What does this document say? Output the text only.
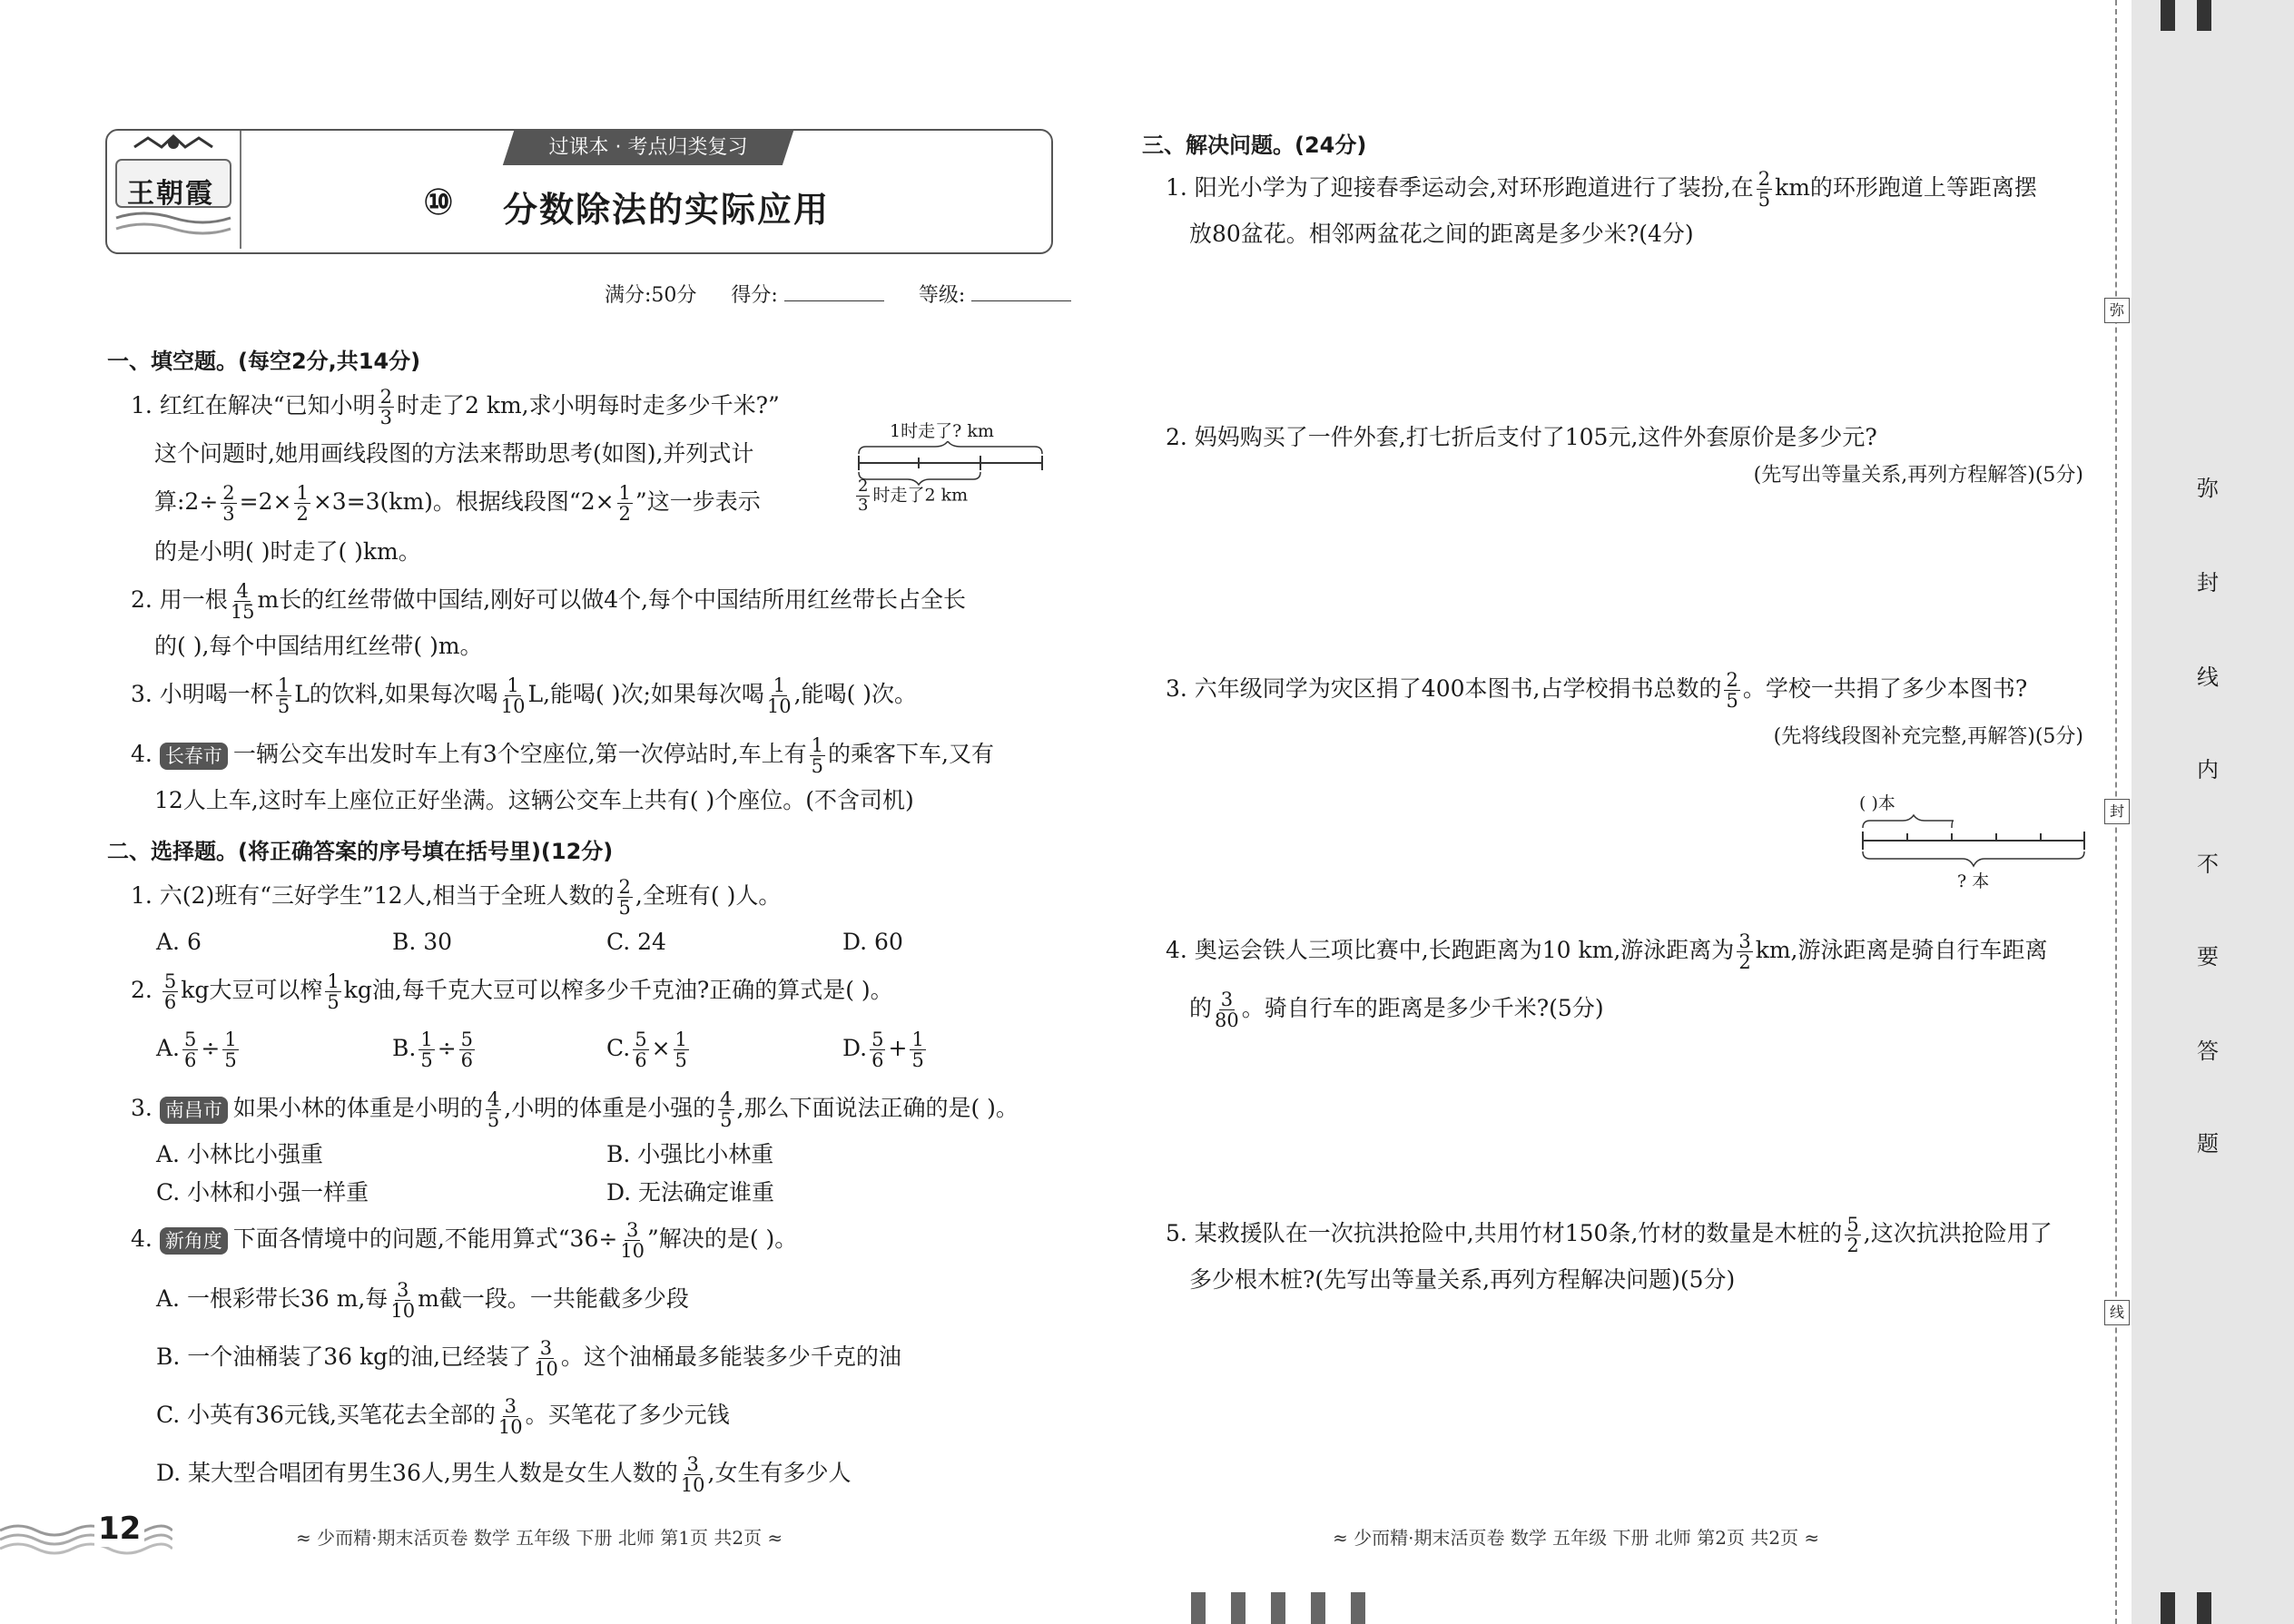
王朝霞
过课本 · 考点归类复习
⑩ 分数除法的实际应用
满分:50分 得分:	等级:
一、填空题。(每空2分,共14分)
1. 红红在解决“已知小明 $\frac{2}{3}$ 时走了2 km,求小明每时走多少千米?”
这个问题时,她用画线段图的方法来帮助思考(如图),并列式计
算:2÷ $\frac{2}{3} =2\times \frac{1}{2} \times 3=3(km)$。根据线段图“$2\times \frac{1}{2}$ ”这一步表示
的是小明( )时走了( )km。
1时走了? km
$\frac{2}{3}$ 时走了2 km
2. 用一根 $\frac{4}{15}$ m长的红丝带做中国结,刚好可以做4个,每个中国结所用红丝带长占全长
的( ),每个中国结用红丝带( )m。
3. 小明喝一杯 $\frac{1}{5}$ L的饮料,如果每次喝 $\frac{1}{10} L$,能喝( )次;如果每次喝 $\frac{1}{10}$ ,能喝( )次。
4. 长春市 一辆公交车出发时车上有3个空座位,第一次停站时,车上有 $\frac{1}{5}$ 的乘客下车,又有
12人上车,这时车上座位正好坐满。这辆公交车上共有( )个座位。(不含司机)
二、选择题。(将正确答案的序号填在括号里)(12分)
1. 六(2)班有“三好学生”12人,相当于全班人数的 $\frac{2}{5}$ ,全班有( )人。
A. 6	B. 30	C. 24	D. 60
2. $\frac{5}{6}$ kg大豆可以榨 $\frac{1}{5}$ kg油,每千克大豆可以榨多少千克油?正确的算式是( )。
A. $\frac{5}{6} \div \frac{1}{5}$	B. $\frac{1}{5} \div \frac{5}{6}$	C. $\frac{5}{6} \times \frac{1}{5}$	D. $\frac{5}{6} + \frac{1}{5}$
3. 南昌市 如果小林的体重是小明的 $\frac{4}{5}$ ,小明的体重是小强的 $\frac{4}{5}$ ,那么下面说法正确的是( )。
A. 小林比小强重	B. 小强比小林重
C. 小林和小强一样重	D. 无法确定谁重
4. 新角度 下面各情境中的问题,不能用算式“$36\div \frac{3}{10}$ ”解决的是( )。
A. 一根彩带长36 m,每 $\frac{3}{10}$ m截一段。一共能截多少段
B. 一个油桶装了36 kg的油,已经装了 $\frac{3}{10}$ 。这个油桶最多能装多少千克的油
C. 小英有36元钱,买笔花去全部的 $\frac{3}{10}$ 。买笔花了多少元钱
D. 某大型合唱团有男生36人,男生人数是女生人数的 $\frac{3}{10}$ ,女生有多少人
12	≈ 少而精·期末活页卷 数学 五年级 下册 北师 第1页 共2页 ≈
三、解决问题。(24分)
1. 阳光小学为了迎接春季运动会,对环形跑道进行了装扮,在 $\frac{2}{5}$ km的环形跑道上等距离摆
放80盆花。相邻两盆花之间的距离是多少米?(4分)
2. 妈妈购买了一件外套,打七折后支付了105元,这件外套原价是多少元?
(先写出等量关系,再列方程解答)(5分)
3. 六年级同学为灾区捐了400本图书,占学校捐书总数的 $\frac{2}{5}$ 。学校一共捐了多少本图书?
(先将线段图补充完整,再解答)(5分)
( )本
? 本
4. 奥运会铁人三项比赛中,长跑距离为10 km,游泳距离为 $\frac{3}{2}$ km,游泳距离是骑自行车距离
的 $\frac{3}{80}$ 。骑自行车的距离是多少千米?(5分)
5. 某救援队在一次抗洪抢险中,共用竹材150条,竹材的数量是木桩的 $\frac{5}{2}$ ,这次抗洪抢险用了
多少根木桩?(先写出等量关系,再列方程解决问题)(5分)
≈ 少而精·期末活页卷 数学 五年级 下册 北师 第2页 共2页 ≈
弥
封
线
弥
封
线
内
不
要
答
题
